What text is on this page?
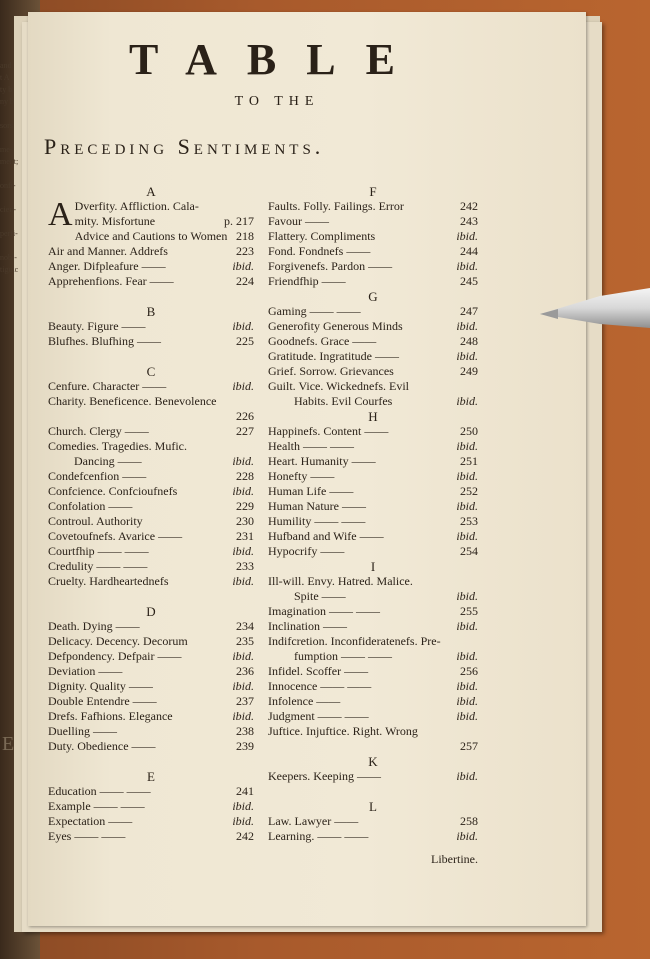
and
t A
ty b
ny b

sors

me-
ment;

onfi-

cien-

perfi-

nobl-
tiguic
E
TABLE
TO THE
Preceding Sentiments.
A
A Dverfity. Affliction. Cala-
mity. Misfortune	p. 217
Advice and Cautions to Women 218
Air and Manner. Addrefs	223
Anger. Difpleafure ——	ibid.
Apprehenfions. Fear ——	224
B
Beauty. Figure ——	ibid.
Blufhes. Blufhing ——	225
C
Cenfure. Character ——	ibid.
Charity. Beneficence. Benevolence
226
Church. Clergy ——	227
Comedies. Tragedies. Mufic.
Dancing ——	ibid.
Condefcenfion ——	228
Confcience. Confcioufnefs	ibid.
Confolation ——	229
Controul. Authority	230
Covetoufnefs. Avarice ——	231
Courtfhip —— ——	ibid.
Credulity —— ——	233
Cruelty. Hardheartednefs	ibid.
D
Death. Dying ——	234
Delicacy. Decency. Decorum	235
Defpondency. Defpair ——	ibid.
Deviation ——	236
Dignity. Quality ——	ibid.
Double Entendre ——	237
Drefs. Fafhions. Elegance	ibid.
Duelling ——	238
Duty. Obedience ——	239
E
Education —— ——	241
Example —— ——	ibid.
Expectation ——	ibid.
Eyes —— ——	242
F
Faults. Folly. Failings. Error	242
Favour ——	243
Flattery. Compliments	ibid.
Fond. Fondnefs ——	244
Forgivenefs. Pardon ——	ibid.
Friendfhip ——	245
G
Gaming —— ——	247
Generofity Generous Minds	ibid.
Goodnefs. Grace ——	248
Gratitude. Ingratitude ——	ibid.
Grief. Sorrow. Grievances	249
Guilt. Vice. Wickednefs. Evil
Habits. Evil Courfes	ibid.
H
Happinefs. Content ——	250
Health —— ——	ibid.
Heart. Humanity ——	251
Honefty ——	ibid.
Human Life ——	252
Human Nature ——	ibid.
Humility —— ——	253
Hufband and Wife ——	ibid.
Hypocrify ——	254
I
Ill-will. Envy. Hatred. Malice.
Spite ——	ibid.
Imagination —— ——	255
Inclination ——	ibid.
Indifcretion. Inconfideratenefs. Pre-
fumption —— ——	ibid.
Infidel. Scoffer ——	256
Innocence —— ——	ibid.
Infolence ——	ibid.
Judgment —— ——	ibid.
Juftice. Injuftice. Right. Wrong
257
K
Keepers. Keeping ——	ibid.
L
Law. Lawyer ——	258
Learning. —— ——	ibid.
Libertine.
